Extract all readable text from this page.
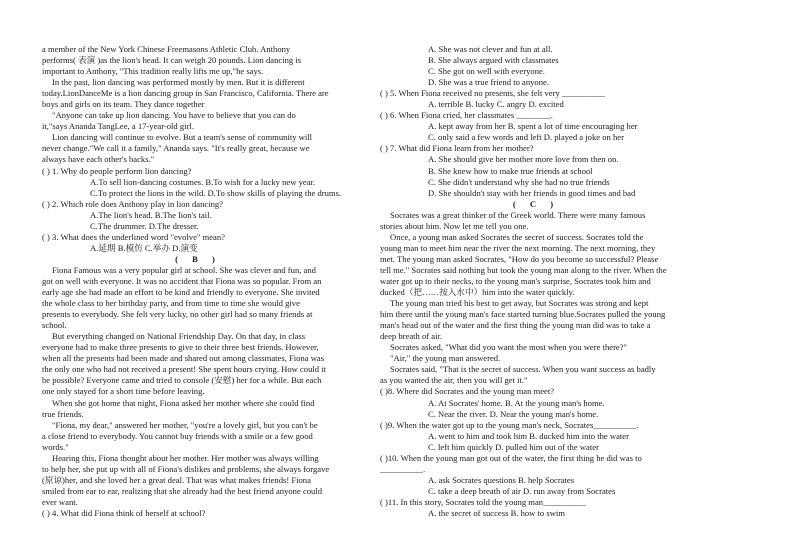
a member of the New York Chinese Freemasons Athletic Club. Anthony
performs( 表演 )as the lion's head. It can weigh 20 pounds. Lion dancing is
important to Anthony, "This tradition really lifts me up,"he says.
In the past, lion dancing was performed mostly by men. But it is different
today.LionDanceMe is a lion dancing group in San Francisco, California. There are
boys and girls on its team. They dance together
"Anyone can take up lion dancing. You have to believe that you can do
it,"says Ananda TangLee, a 17-year-old girl.
Lion dancing will continue to evolve. But a team's sense of community will
never change."We call it a family," Ananda says. "It's really great, because we
always have each other's backs."
( ) 1. Why do people perform lion dancing?
A.To sell lion-dancing costumes. B.To wish for a lucky new year.
C.To protect the lions in the wild. D.To show skills of playing the drums.
( ) 2. Which role does Anthony play in lion dancing?
A.The lion's head. B.The lion's tail.
C.The drummer. D.The dresser.
( ) 3. What does the underlined word "evolve" mean?
A.延期 B.模仿 C.举办 D.演变
( B )
Fiona Famous was a very popular girl at school. She was clever and fun, and
got on well with everyone. It was no accident that Fiona was so popular. From an
early age she had made an effort to be kind and friendly to everyone. She invited
the whole class to her birthday party, and from time to time she would give
presents to everybody. She felt very lucky, no other girl had so many friends at
school.
But everything changed on National Friendship Day. On that day, in class
everyone had to make three presents to give to their three best friends. However,
when all the presents had been made and shared out among classmates, Fiona was
the only one who had not received a present! She spent hours crying. How could it
be possible? Everyone came and tried to console (安慰) her for a while. But each
one only stayed for a short time before leaving.
When she got home that night, Fiona asked her mother where she could find
true friends.
"Fiona, my dear," answered her mother, "you're a lovely girl, but you can't be
a close friend to everybody. You cannot buy friends with a smile or a few good
words."
Hearing this, Fiona thought about her mother. Her mother was always willing
to help her, she put up with all of Fiona's dislikes and problems, she always forgave
(原谅)her, and she loved her a great deal. That was what makes friends! Fiona
smiled from ear to ear, realizing that she already had the best friend anyone could
ever want.
( ) 4. What did Fiona think of herself at school?
A. She was not clever and fun at all.
B. She always argued with classmates
C. She got on well with everyone.
D. She was a true friend to anyone.
( ) 5. When Fiona received no presents, she felt very __________
A. terrible B. lucky C. angry D. excited
( ) 6. When Fiona cried, her classmates ________.
A. kept away from her B. spent a lot of time encouraging her
C. only said a few words and left D. played a joke on her
( ) 7. What did Fiona learn from her mother?
A. She should give her mother more love from then on.
B. She knew how to make true friends at school
C. She didn't understand why she had no true friends
D. She shouldn't stay with her friends in good times and bad
( C )
Socrates was a great thinker of the Greek world. There were many famous
stories about him. Now let me tell you one.
Once, a young man asked Socrates the secret of success. Socrates told the
young man to meet him near the river the next morning. The next morning, they
met. The young man asked Socrates, "How do you become so successful? Please
tell me." Socrates said nothing but took the young man along to the river. When the
water got up to their necks, to the young man's surprise, Socrates took him and
ducked（把……按入水中）him into the water quickly.
The young man tried his best to get away, but Socrates was strong and kept
him there until the young man's face started turning blue.Socrates pulled the young
man's head out of the water and the first thing the young man did was to take a
deep breath of air.
Socrates asked, "What did you want the most when you were there?"
"Air," the young man answered.
Socrates said, "That is the secret of success. When you want success as badly
as you wanted the air, then you will get it."
( )8. Where did Socrates and the young man meet?
A. At Socrates' home. B. At the young man's home.
C. Near the river. D. Near the young man's home.
( )9. When the water got up to the young man's neck, Socrates__________.
A. went to him and took him B. ducked him into the water
C. left him quickly D. pulled him out of the water
( )10. When the young man got out of the water, the first thing he did was to
__________.
A. ask Socrates questions B. help Socrates
C. take a deep breath of air D. run away from Socrates
( )11. In this story, Socrates told the young man__________
A. the secret of success B. how to swim
